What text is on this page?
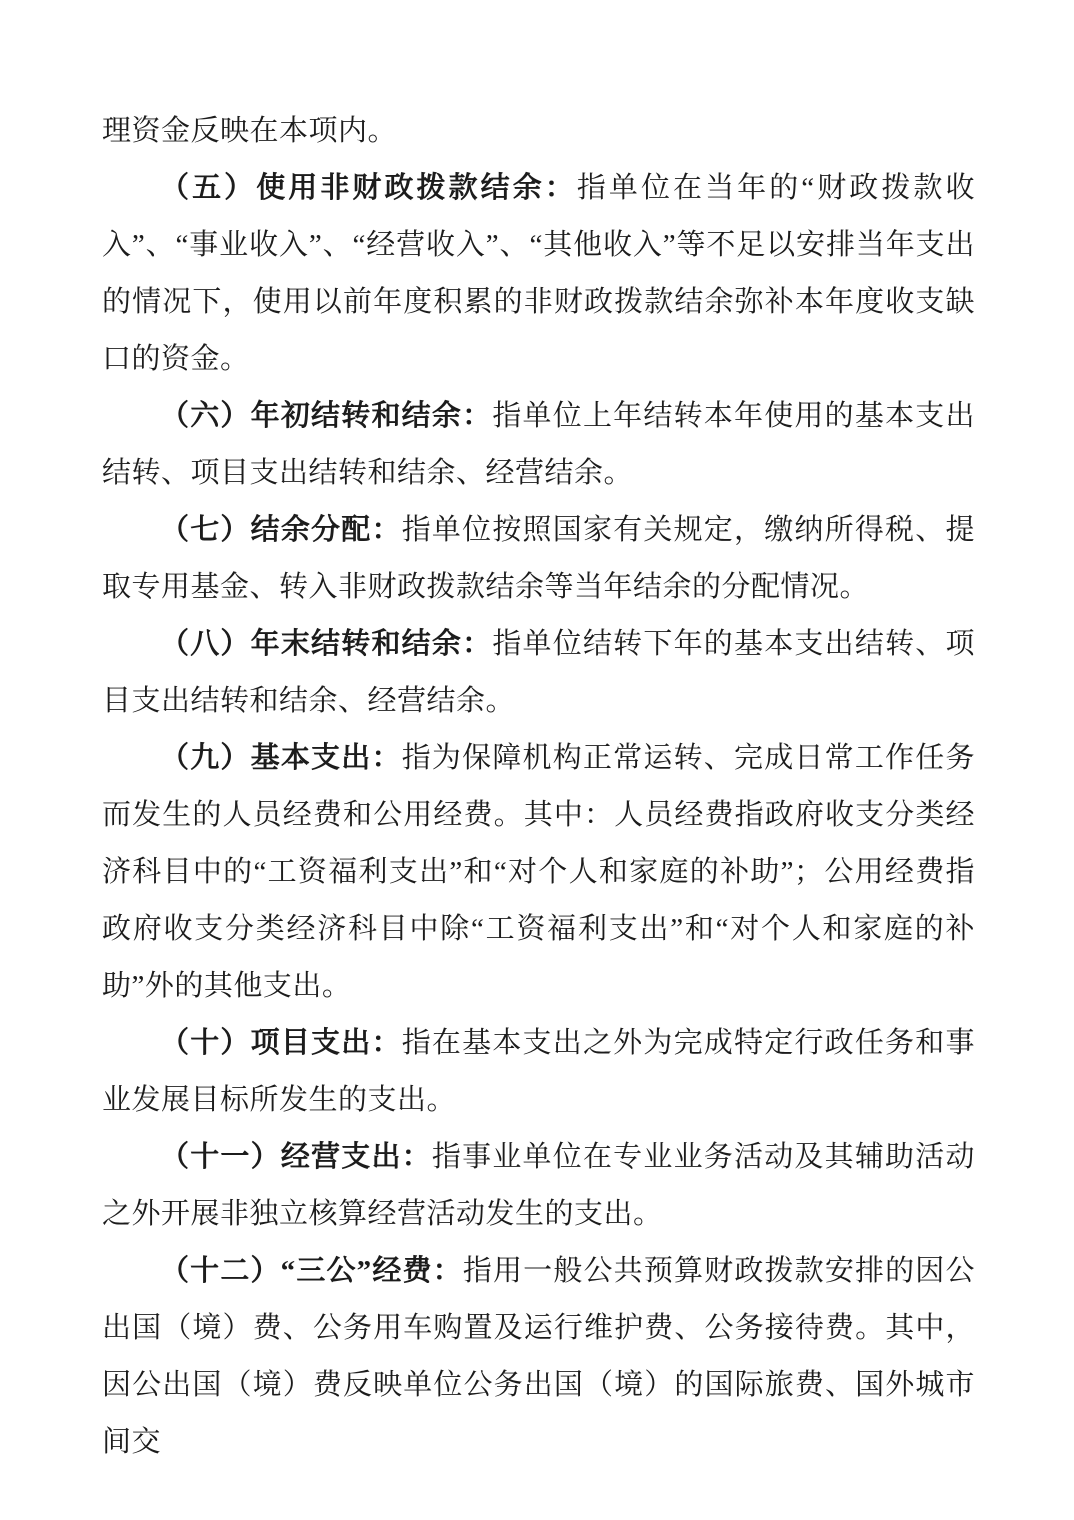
理资金反映在本项内。

（五）使用非财政拨款结余：指单位在当年的“财政拨款收入”、“事业收入”、“经营收入”、“其他收入”等不足以安排当年支出的情况下，使用以前年度积累的非财政拨款结余弥补本年度收支缺口的资金。

（六）年初结转和结余：指单位上年结转本年使用的基本支出结转、项目支出结转和结余、经营结余。

（七）结余分配：指单位按照国家有关规定，缴纳所得税、提取专用基金、转入非财政拨款结余等当年结余的分配情况。

（八）年末结转和结余：指单位结转下年的基本支出结转、项目支出结转和结余、经营结余。

（九）基本支出：指为保障机构正常运转、完成日常工作任务而发生的人员经费和公用经费。其中：人员经费指政府收支分类经济科目中的“工资福利支出”和“对个人和家庭的补助”；公用经费指政府收支分类经济科目中除“工资福利支出”和“对个人和家庭的补助”外的其他支出。

（十）项目支出：指在基本支出之外为完成特定行政任务和事业发展目标所发生的支出。

（十一）经营支出：指事业单位在专业业务活动及其辅助活动之外开展非独立核算经营活动发生的支出。

（十二）“三公”经费：指用一般公共预算财政拨款安排的因公出国（境）费、公务用车购置及运行维护费、公务接待费。其中，因公出国（境）费反映单位公务出国（境）的国际旅费、国外城市间交
